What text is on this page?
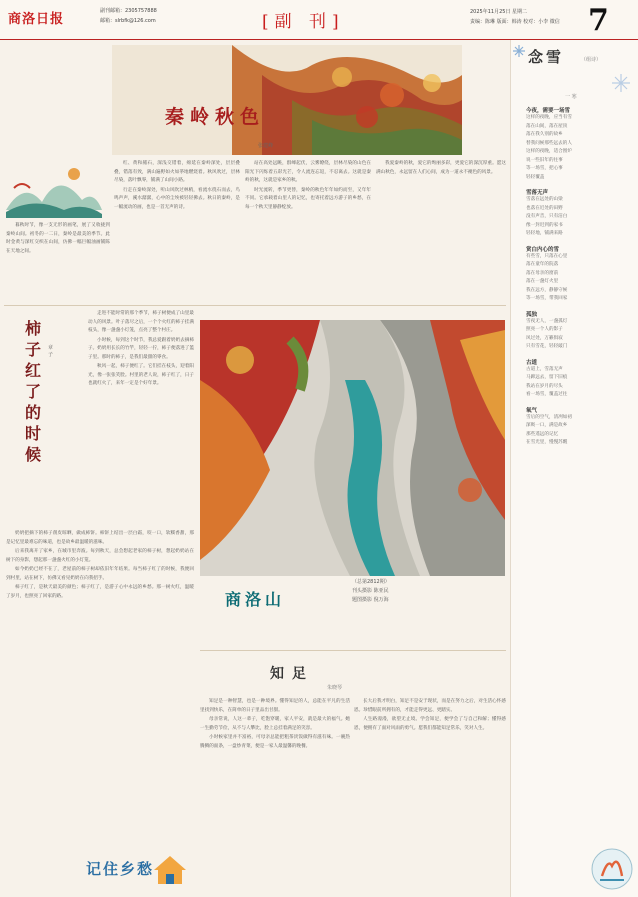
商洛日报
副刊邮箱：2305757888
邮箱：slrbfk@126.com	[副 刊]	2025年11月25日 星期二
责编：陈琳 版面：韩涛 校对：小李 微信 7
秦岭秋色
张建峰

暮秋时节，像一支无形的画笔，展了又收拢到秦岭山间。初冬的一二日，秦岭是最美的季节。此时金黄与深红交织在山间，仿佛一幅巨幅油画铺陈在天地之间。

红、黄和赭石，深浅交错着，绵延在秦岭深处，层层叠叠，错落有致，满山遍野如火如荼地燃烧着。秋风吹过，层林尽染，落叶飘零，铺满了山间小路。

行走在秦岭深处，听山风吹过林梢，看流水绕石而去，鸟鸣声声，溪水潺潺，心中的尘埃被轻轻拂去。秋日的秦岭，是一幅流动的画，也是一首无声的诗。

站在高处远眺，群峰起伏，云雾缭绕，层林尽染的山色在阳光下闪烁着五彩光芒，令人流连忘返，不忍离去。这就是秦岭的秋，这就是家乡的秋。

时光流转，季节更替，秦岭的秋色年年如约而至，又年年不同。它承载着山里人的记忆，也寄托着远方游子的乡愁，在每一个秋天里静静绽放。

我爱秦岭的秋，爱它的绚丽多彩，更爱它的深沉厚重。愿这满山秋色，永远留在人们心间，成为一道永不褪色的风景。

柿子红了的时候
章子

走进不能时常的那个季节，柿子树便成了山里最动人的风景。叶子落尽之后，一个个火红的柿子挂满枝头，像一盏盏小灯笼，点亮了整个村庄。

小时候，每到这个时节，我总爱跟着奶奶去摘柿子。奶奶用长长的竹竿，轻轻一拧，柿子便落进了篮子里。那时的柿子，是我们最甜的零食。

秋风一起，柿子便红了。它们挂在枝头，迎着阳光，像一张张笑脸。村里的老人说，柿子红了，日子也就红火了，来年一定是个好年景。

奶奶把摘下的柿子削皮晾晒，做成柿饼。柿饼上结出一层白霜，咬一口，软糯香甜，那是记忆里最难忘的味道，也是故乡最温暖的滋味。

后来我离开了家乡，在城市里奔波。每到秋天，总会想起老家的柿子树，想起奶奶站在树下的身影，想起那一盏盏火红的小灯笼。

如今奶奶已经不在了，老屋前的柿子树却依旧年年结果。每当柿子红了的时候，我便回到村里，站在树下，仿佛又看见奶奶在向我招手。

柿子红了，是秋天最美的颜色；柿子红了，是游子心中永远的乡愁。那一树火红，温暖了岁月，也照亮了回家的路。	商洛山
（总第2812期）
刊头摄影 陈亚民
题图摄影 倪万海
知足
朱晓琴

知足是一种智慧，也是一种境界。懂得知足的人，总能在平凡的生活里找到快乐，在简单的日子里品出甘甜。

母亲常说，人这一辈子，吃饱穿暖，家人平安，就是最大的福气。她一生勤劳节俭，从不与人攀比，脸上总挂着满足的笑容。

小时候家里并不富裕，可母亲总能把粗茶淡饭做得有滋有味。一碗热腾腾的面条，一盘炒青菜，便是一家人最温馨的晚餐。

长大后我才明白，知足不是安于现状，而是在努力之后，对生活心怀感恩。珍惜眼前所拥有的，才能走得更远、更踏实。

人生路漫漫，欲望无止境。学会知足，便学会了与自己和解；懂得感恩，便拥有了面对风雨的勇气。愿我们都能知足常乐，笑对人生。

记住乡愁
念雪	（组诗）
一 寒
今夜，需要一场雪
这样的夜晚，应当有雪
落在山间，落在屋顶
落在我久别的故乡
替我问候那些远去的人
这样的夜晚，适合围炉
说一些旧年的往事
等一场雪，把心事
轻轻覆盖
雪落无声
雪落在远处的山梁
也落在近处的田野
没有声音，只有洁白
像一封迟到的家书
轻轻地，铺满来路
赏白内心的雪
有些雪，只落在心里
落在童年的院落
落在母亲的窗前
落在一盏灯火里
我在远方，静静守候
等一场雪，带我回家
孤独
雪夜无人，一盏孤灯
照亮一个人的影子
风过处，万籁俱寂
只有雪花，轻轻敲门
古道
古道上，雪落无声
马蹄远去，留下旧痕
我站在岁月的尽头
看一场雪，覆盖过往
氧气
雪后的空气，清冽如初
深吸一口，满是故乡
那些遥远的记忆
在雪光里，慢慢苏醒
